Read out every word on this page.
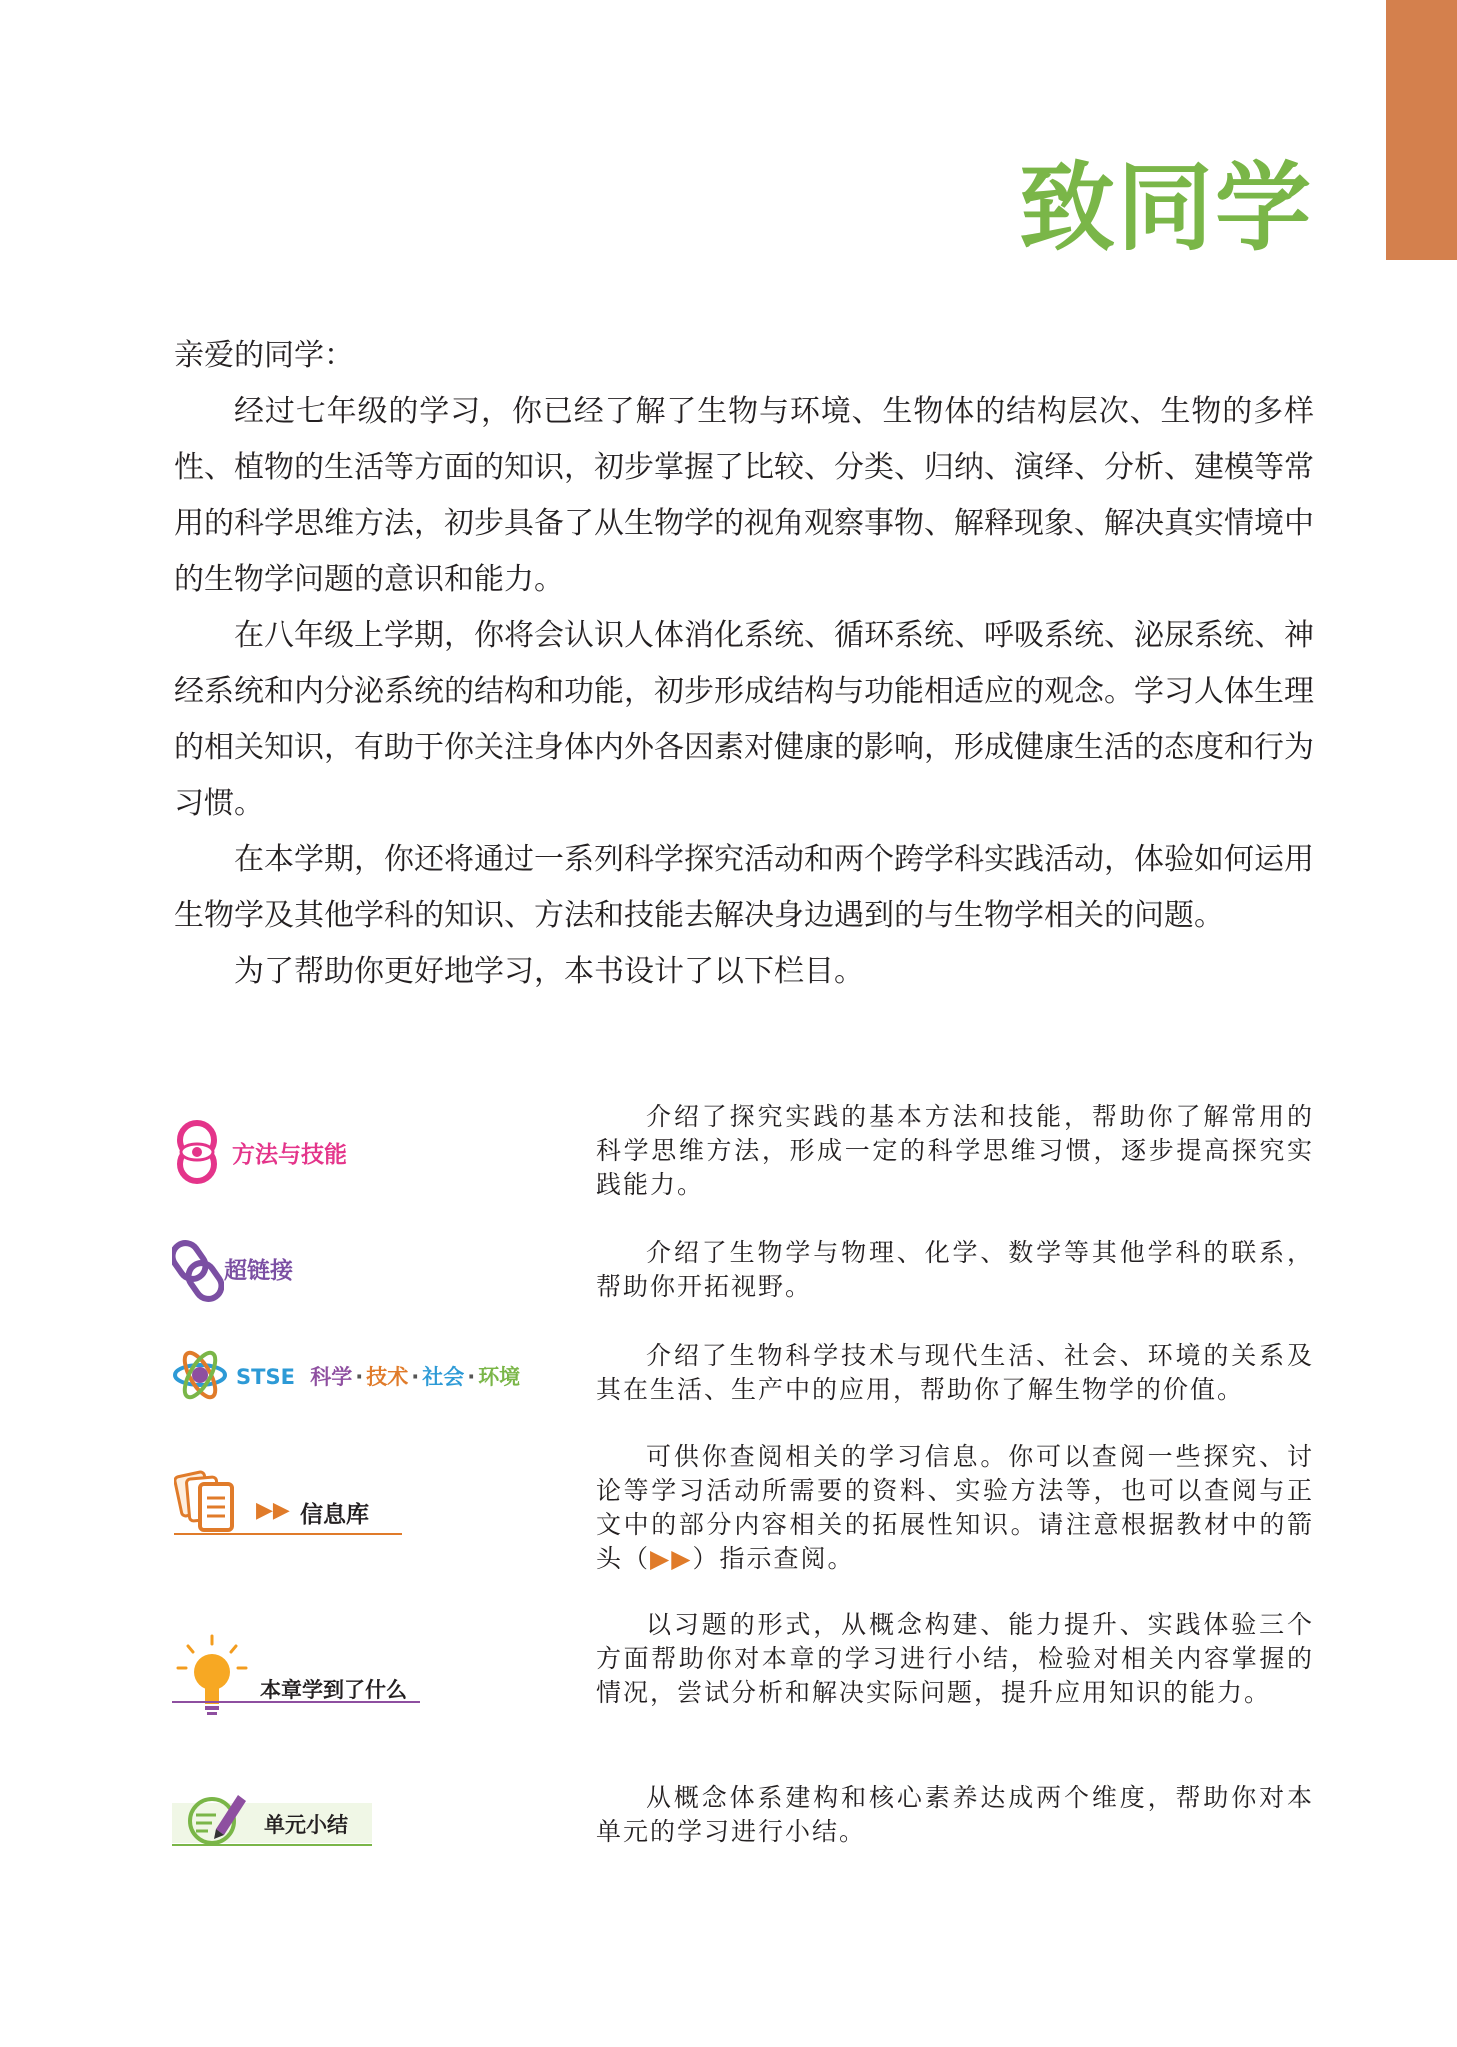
致同学

亲爱的同学：

经过七年级的学习，你已经了解了生物与环境、生物体的结构层次、生物的多样性、植物的生活等方面的知识，初步掌握了比较、分类、归纳、演绎、分析、建模等常用的科学思维方法，初步具备了从生物学的视角观察事物、解释现象、解决真实情境中的生物学问题的意识和能力。

在八年级上学期，你将会认识人体消化系统、循环系统、呼吸系统、泌尿系统、神经系统和内分泌系统的结构和功能，初步形成结构与功能相适应的观念。学习人体生理的相关知识，有助于你关注身体内外各因素对健康的影响，形成健康生活的态度和行为习惯。

在本学期，你还将通过一系列科学探究活动和两个跨学科实践活动，体验如何运用生物学及其他学科的知识、方法和技能去解决身边遇到的与生物学相关的问题。

为了帮助你更好地学习，本书设计了以下栏目。

方法与技能

介绍了探究实践的基本方法和技能，帮助你了解常用的科学思维方法，形成一定的科学思维习惯，逐步提高探究实践能力。

超链接

介绍了生物学与物理、化学、数学等其他学科的联系，帮助你开拓视野。

STSE 科学 · 技术 · 社会 · 环境

介绍了生物科学技术与现代生活、社会、环境的关系及其在生活、生产中的应用，帮助你了解生物学的价值。

▶▶ 信息库

可供你查阅相关的学习信息。你可以查阅一些探究、讨论等学习活动所需要的资料、实验方法等，也可以查阅与正文中的部分内容相关的拓展性知识。请注意根据教材中的箭头（▶▶）指示查阅。

本章学到了什么

以习题的形式，从概念构建、能力提升、实践体验三个方面帮助你对本章的学习进行小结，检验对相关内容掌握的情况，尝试分析和解决实际问题，提升应用知识的能力。

单元小结

从概念体系建构和核心素养达成两个维度，帮助你对本单元的学习进行小结。
